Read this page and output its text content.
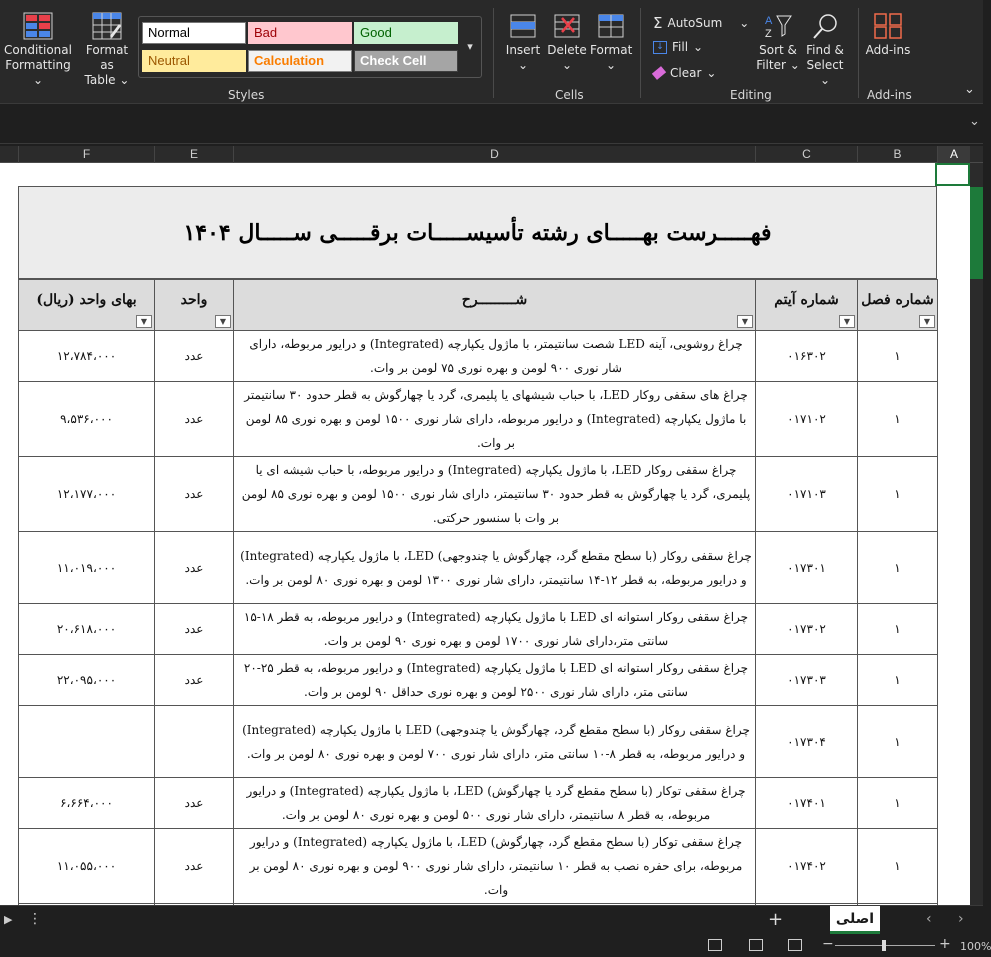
Conditional
Formatting ⌄
Format as
Table ⌄
Normal	Bad	Good
Neutral	Calculation	Check Cell
▾
Styles
Insert
⌄
Delete
⌄
Format
⌄
Cells
Σ AutoSum ⌄
↓ Fill ⌄
Clear ⌄
A
Z
Sort &
Filter ⌄
Find &
Select ⌄
Editing
Add-ins
Add-ins	⌄
⌄
F	E	D	C	B	A
فهـــــرست بهـــــای رشته تأسیســـــات برقـــــی ســـــال ۱۴۰۴
شماره فصل
▼	شماره آیتم
▼	شـــــــــرح
▼	واحد
▼	بهای واحد (ریال)
▼

۱	۰۱۶۳۰۲	چراغ روشویی، آینه LED شصت سانتیمتر، با ماژول یکپارچه (Integrated) و درایور مربوطه، دارای شار نوری ۹۰۰ لومن و بهره نوری ۷۵ لومن بر وات.	عدد	۱۲،۷۸۴،۰۰۰
۱	۰۱۷۱۰۲	چراغ های سقفی روکار LED، با حباب شیشهای یا پلیمری، گرد یا چهارگوش به قطر حدود ۳۰ سانتیمتر با ماژول یکپارچه (Integrated) و درایور مربوطه، دارای شار نوری ۱۵۰۰ لومن و بهره نوری ۸۵ لومن بر وات.	عدد	۹،۵۳۶،۰۰۰
۱	۰۱۷۱۰۳	چراغ سقفی روکار LED، با ماژول یکپارچه (Integrated) و درایور مربوطه، با حباب شیشه ای یا پلیمری، گرد یا چهارگوش به قطر حدود ۳۰ سانتیمتر، دارای شار نوری ۱۵۰۰ لومن و بهره نوری ۸۵ لومن بر وات با سنسور حرکتی.	عدد	۱۲،۱۷۷،۰۰۰
۱	۰۱۷۳۰۱	چراغ سقفی روکار (با سطح مقطع گرد، چهارگوش یا چندوجهی) LED، با ماژول یکپارچه (Integrated) و درایور مربوطه، به قطر ۱۲-۱۴ سانتیمتر، دارای شار نوری ۱۳۰۰ لومن و بهره نوری ۸۰ لومن بر وات.	عدد	۱۱،۰۱۹،۰۰۰
۱	۰۱۷۳۰۲	چراغ سقفی روکار استوانه ای LED با ماژول یکپارچه (Integrated) و درایور مربوطه، به قطر ۱۸-۱۵ سانتی متر،دارای شار نوری ۱۷۰۰ لومن و بهره نوری ۹۰ لومن بر وات.	عدد	۲۰،۶۱۸،۰۰۰
۱	۰۱۷۳۰۳	چراغ سقفی روکار استوانه ای LED با ماژول یکپارچه (Integrated) و درایور مربوطه، به قطر ۲۵-۲۰ سانتی متر، دارای شار نوری ۲۵۰۰ لومن و بهره نوری حداقل ۹۰ لومن بر وات.	عدد	۲۲،۰۹۵،۰۰۰
۱	۰۱۷۳۰۴	چراغ سقفی روکار (با سطح مقطع گرد، چهارگوش یا چندوجهی) LED با ماژول یکپارچه (Integrated) و درایور مربوطه، به قطر ۸-۱۰ سانتی متر، دارای شار نوری ۷۰۰ لومن و بهره نوری ۸۰ لومن بر وات.		
۱	۰۱۷۴۰۱	چراغ سقفی توکار (با سطح مقطع گرد یا چهارگوش) LED، با ماژول یکپارچه (Integrated) و درایور مربوطه، به قطر ۸ سانتیمتر، دارای شار نوری ۵۰۰ لومن و بهره نوری ۸۰ لومن بر وات.	عدد	۶،۶۶۴،۰۰۰
۱	۰۱۷۴۰۲	چراغ سقفی توکار (با سطح مقطع گرد، چهارگوش) LED، با ماژول یکپارچه (Integrated) و درایور مربوطه، برای حفره نصب به قطر ۱۰ سانتیمتر، دارای شار نوری ۹۰۰ لومن و بهره نوری ۸۰ لومن بر وات.	عدد	۱۱،۰۵۵،۰۰۰

▶ ⋮	+	اصلی	‹ ›
−	+ 100%
